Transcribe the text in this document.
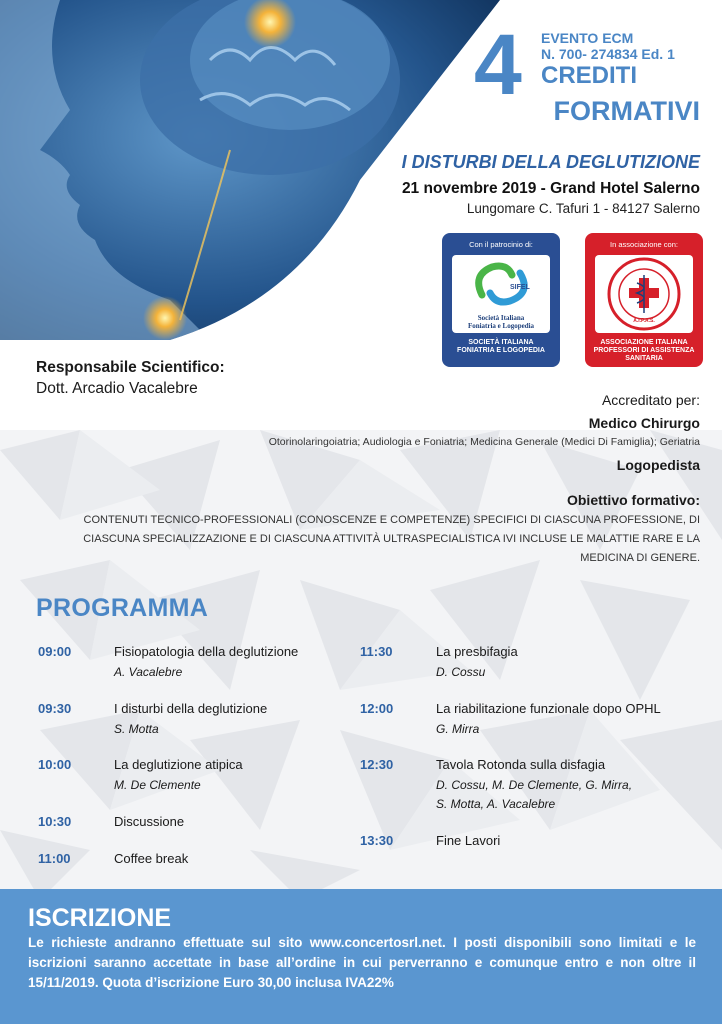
4 EVENTO ECM
N. 700- 274834 Ed. 1
CREDITI
FORMATIVI
I DISTURBI DELLA DEGLUTIZIONE
21 novembre 2019 - Grand Hotel Salerno
Lungomare C. Tafuri 1 - 84127 Salerno
Con il patrocinio di:
SIFEL
Società Italiana
Foniatria e Logopedia
SOCIETÀ ITALIANA
FONIATRIA E LOGOPEDIA
In associazione con:
A.I.P.A.S.
ASSOCIAZIONE ITALIANA
PROFESSORI DI ASSISTENZA
SANITARIA
Responsabile Scientifico:
Dott. Arcadio Vacalebre
Accreditato per:
Medico Chirurgo
Otorinolaringoiatria; Audiologia e Foniatria; Medicina Generale (Medici Di Famiglia); Geriatria
Logopedista
Obiettivo formativo:
CONTENUTI TECNICO-PROFESSIONALI (CONOSCENZE E COMPETENZE) SPECIFICI DI CIASCUNA PROFESSIONE, DI CIASCUNA SPECIALIZZAZIONE E DI CIASCUNA ATTIVITÀ ULTRASPECIALISTICA IVI INCLUSE LE MALATTIE RARE E LA MEDICINA DI GENERE.
PROGRAMMA
09:00	Fisiopatologia della deglutizione
A. Vacalebre
09:30	I disturbi della deglutizione
S. Motta
10:00	La deglutizione atipica
M. De Clemente
10:30	Discussione
11:00	Coffee break
11:30	La presbifagia
D. Cossu
12:00	La riabilitazione funzionale dopo OPHL
G. Mirra
12:30	Tavola Rotonda sulla disfagia
D. Cossu, M. De Clemente, G. Mirra,
S. Motta, A. Vacalebre
13:30	Fine Lavori
ISCRIZIONE
Le richieste andranno effettuate sul sito www.concertosrl.net. I posti disponibili sono limitati e le iscrizioni saranno accettate in base all’ordine in cui perverranno e comunque entro e non oltre il 15/11/2019. Quota d’iscrizione Euro 30,00 inclusa IVA22%
